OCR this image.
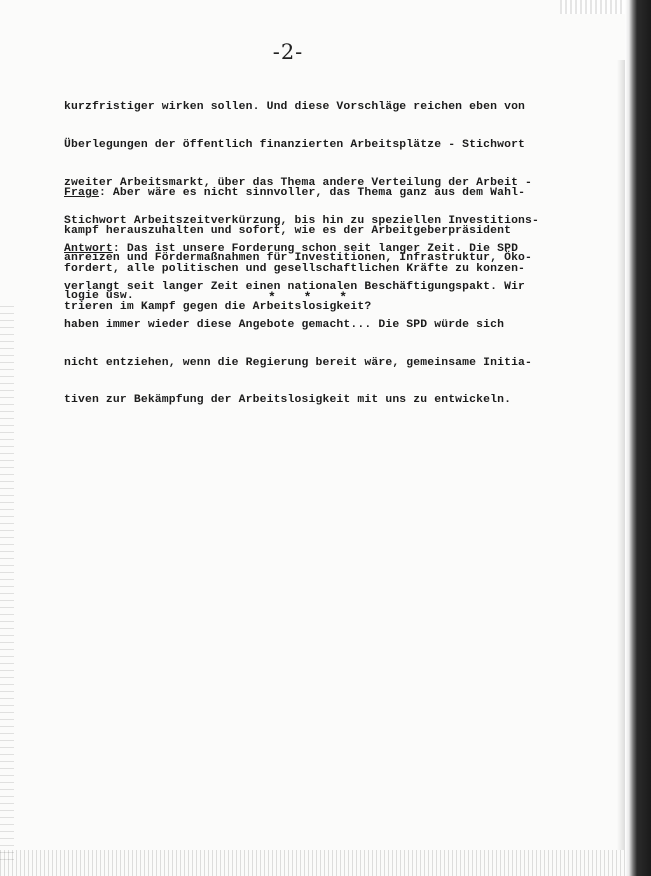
-2-

kurzfristiger wirken sollen. Und diese Vorschläge reichen eben von

Überlegungen der öffentlich finanzierten Arbeitsplätze - Stichwort

zweiter Arbeitsmarkt, über das Thema andere Verteilung der Arbeit -

Stichwort Arbeitszeitverkürzung, bis hin zu speziellen Investitions-

anreizen und Fördermaßnahmen für Investitionen, Infrastruktur, Öko-

logie usw.

Frage: Aber wäre es nicht sinnvoller, das Thema ganz aus dem Wahl-

kampf herauszuhalten und sofort, wie es der Arbeitgeberpräsident

fordert, alle politischen und gesellschaftlichen Kräfte zu konzen-

trieren im Kampf gegen die Arbeitslosigkeit?

Antwort: Das ist unsere Forderung schon seit langer Zeit. Die SPD

verlangt seit langer Zeit einen nationalen Beschäftigungspakt. Wir

haben immer wieder diese Angebote gemacht... Die SPD würde sich

nicht entziehen, wenn die Regierung bereit wäre, gemeinsame Initia-

tiven zur Bekämpfung der Arbeitslosigkeit mit uns zu entwickeln.

* * *
